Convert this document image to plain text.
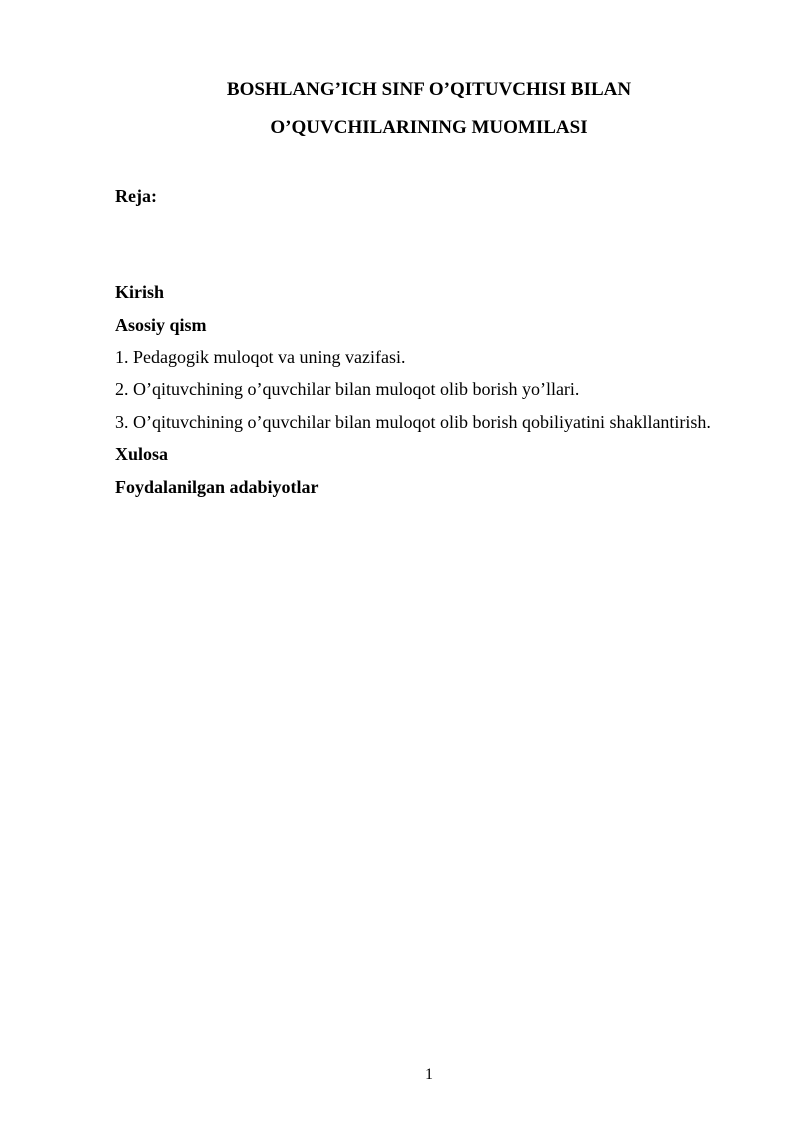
BOSHLANG’ICH SINF O’QITUVCHISI BILAN
O’QUVCHILARINING MUOMILASI
Reja:
Kirish
Asosiy qism
1. Pedagogik muloqot va uning vazifasi.
2. O’qituvchining o’quvchilar bilan muloqot olib borish yo’llari.
3. O’qituvchining o’quvchilar bilan muloqot olib borish qobiliyatini shakllantirish.
Xulosa
Foydalanilgan adabiyotlar
1
